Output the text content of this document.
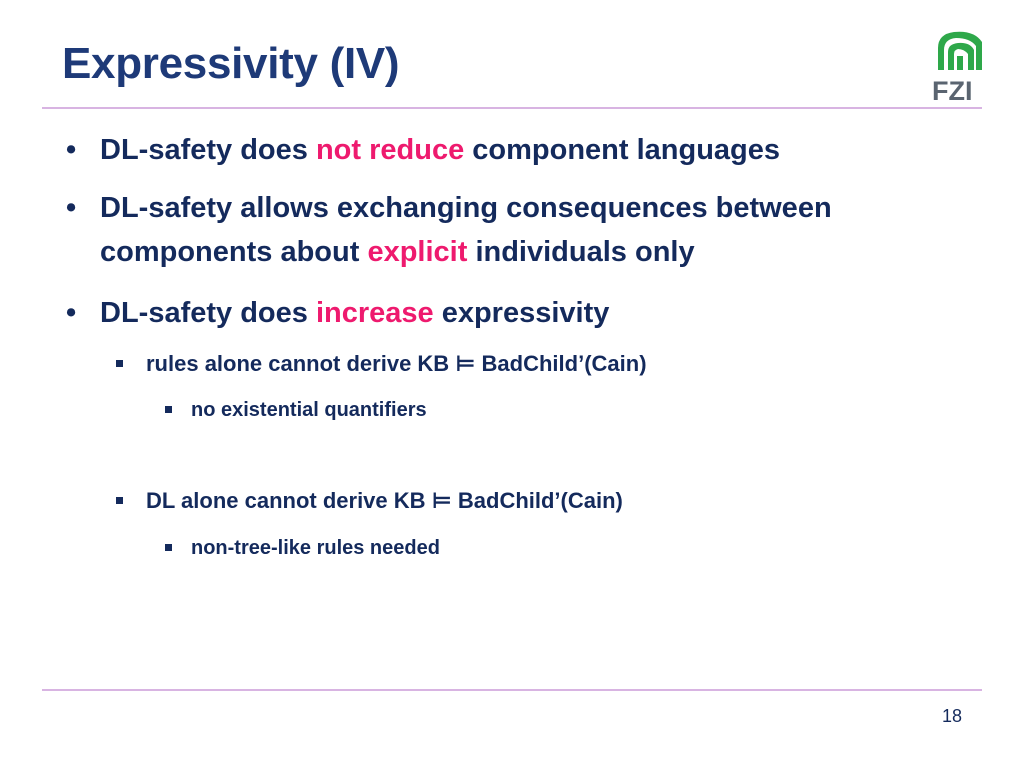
Expressivity (IV)
FZI
• DL-safety does not reduce component languages
• DL-safety allows exchanging consequences between
components about explicit individuals only
• DL-safety does increase expressivity
rules alone cannot derive KB ⊨ BadChild’(Cain)
no existential quantifiers
DL alone cannot derive KB ⊨ BadChild’(Cain)
non-tree-like rules needed
18
